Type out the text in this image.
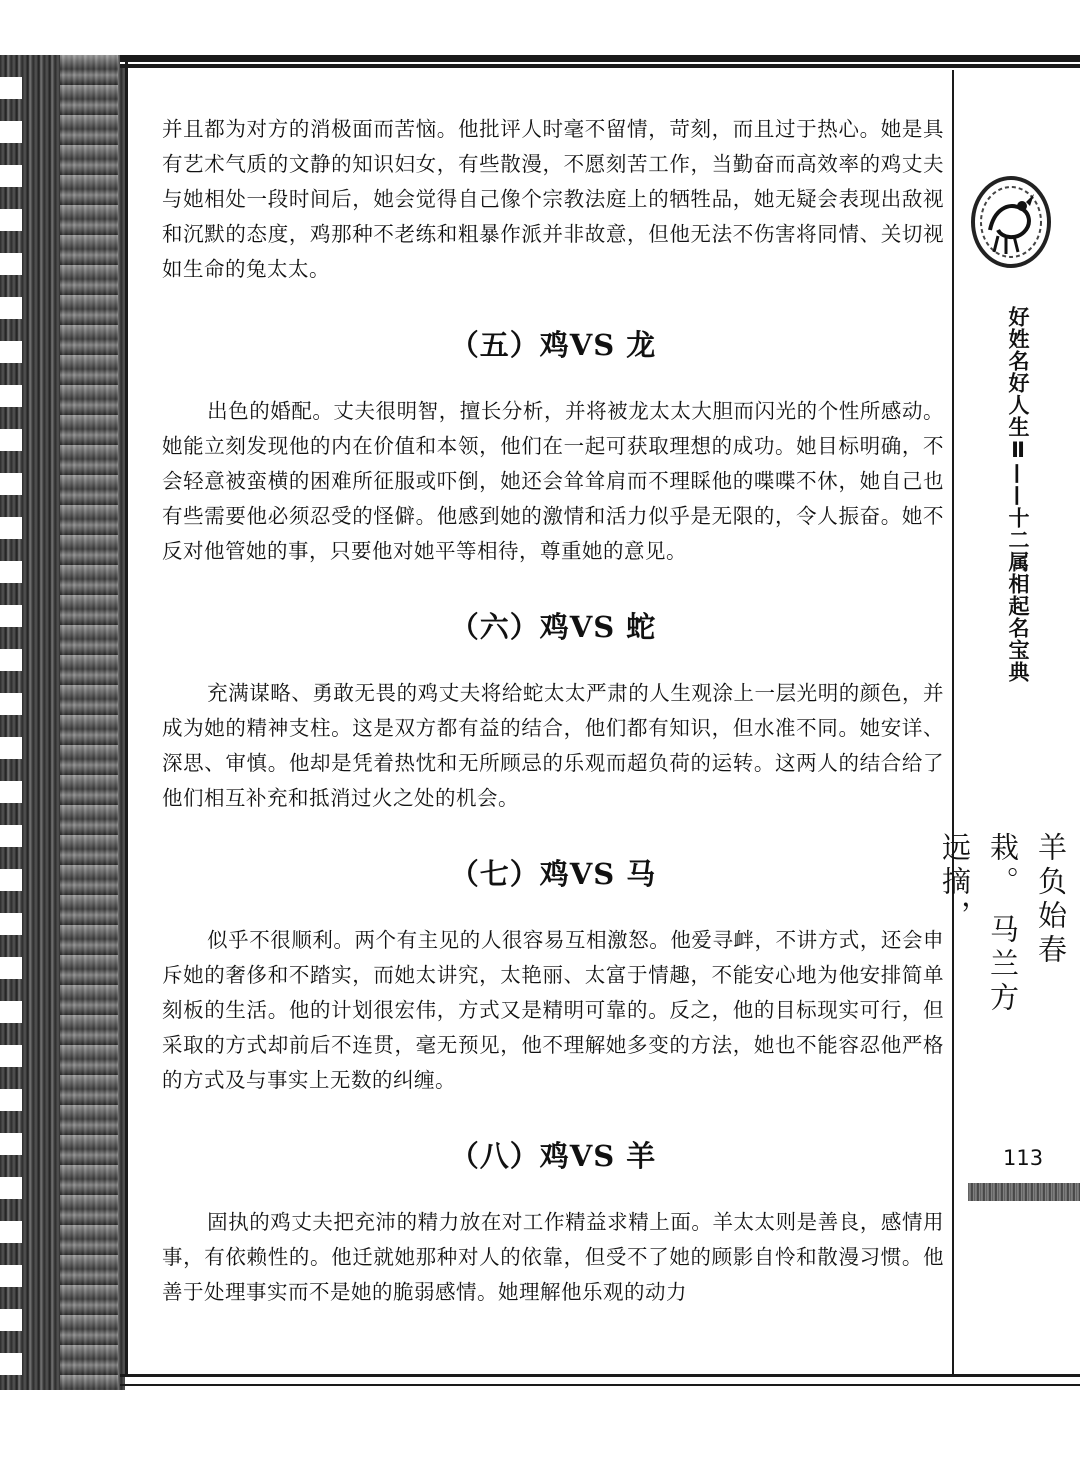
并且都为对方的消极面而苦恼。他批评人时毫不留情，苛刻，而且过于热心。她是具有艺术气质的文静的知识妇女，有些散漫，不愿刻苦工作，当勤奋而高效率的鸡丈夫与她相处一段时间后，她会觉得自己像个宗教法庭上的牺牲品，她无疑会表现出敌视和沉默的态度，鸡那种不老练和粗暴作派并非故意，但他无法不伤害将同情、关切视如生命的兔太太。

（五）鸡VS 龙

出色的婚配。丈夫很明智，擅长分析，并将被龙太太大胆而闪光的个性所感动。她能立刻发现他的内在价值和本领，他们在一起可获取理想的成功。她目标明确，不会轻意被蛮横的困难所征服或吓倒，她还会耸耸肩而不理睬他的喋喋不休，她自己也有些需要他必须忍受的怪僻。他感到她的激情和活力似乎是无限的，令人振奋。她不反对他管她的事，只要他对她平等相待，尊重她的意见。

（六）鸡VS 蛇

充满谋略、勇敢无畏的鸡丈夫将给蛇太太严肃的人生观涂上一层光明的颜色，并成为她的精神支柱。这是双方都有益的结合，他们都有知识，但水准不同。她安详、深思、审慎。他却是凭着热忱和无所顾忌的乐观而超负荷的运转。这两人的结合给了他们相互补充和抵消过火之处的机会。

（七）鸡VS 马

似乎不很顺利。两个有主见的人很容易互相激怒。他爱寻衅，不讲方式，还会申斥她的奢侈和不踏实，而她太讲究，太艳丽、太富于情趣，不能安心地为他安排简单刻板的生活。他的计划很宏伟，方式又是精明可靠的。反之，他的目标现实可行，但采取的方式却前后不连贯，毫无预见，他不理解她多变的方法，她也不能容忍他严格的方式及与事实上无数的纠缠。

（八）鸡VS 羊

固执的鸡丈夫把充沛的精力放在对工作精益求精上面。羊太太则是善良，感情用事，有依赖性的。他迁就她那种对人的依靠，但受不了她的顾影自怜和散漫习惯。他善于处理事实而不是她的脆弱感情。她理解他乐观的动力

好姓名好人生Ⅱ——十二属相起名宝典
羊负始春栽。 马兰方远摘，
113
